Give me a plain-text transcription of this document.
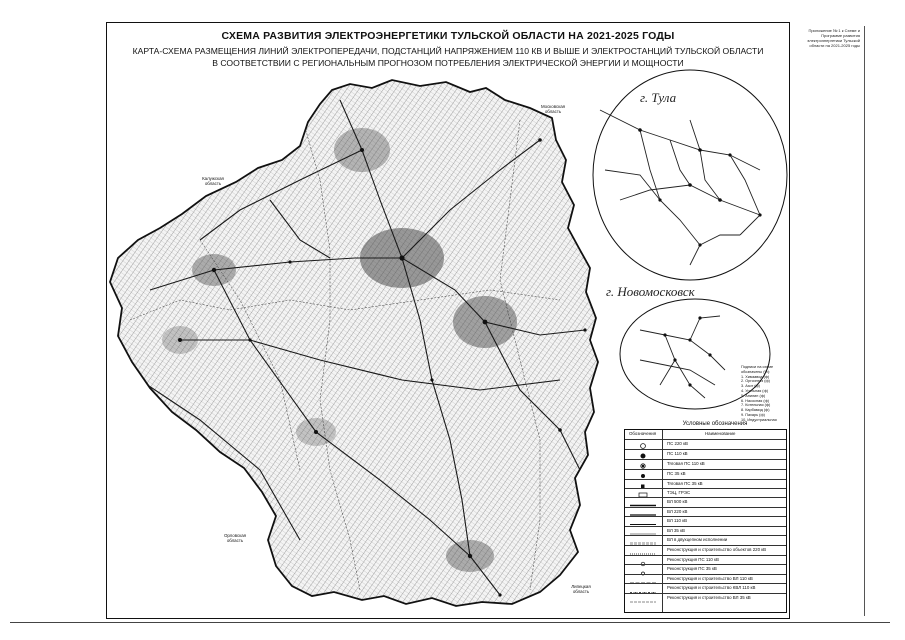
СХЕМА РАЗВИТИЯ ЭЛЕКТРОЭНЕРГЕТИКИ ТУЛЬСКОЙ ОБЛАСТИ НА 2021-2025 ГОДЫ
КАРТА-СХЕМА РАЗМЕЩЕНИЯ ЛИНИЙ ЭЛЕКТРОПЕРЕДАЧИ, ПОДСТАНЦИЙ НАПРЯЖЕНИЕМ 110 КВ И ВЫШЕ И ЭЛЕКТРОСТАНЦИЙ ТУЛЬСКОЙ ОБЛАСТИ
В СООТВЕТСТВИИ С РЕГИОНАЛЬНЫМ ПРОГНОЗОМ ПОТРЕБЛЕНИЯ ЭЛЕКТРИЧЕСКОЙ ЭНЕРГИИ И МОЩНОСТИ
Приложение № 1 к Схеме и Программе развития электроэнергетики Тульской области на 2021-2025 годы
Московская область
Калужская область
Орловская область
Липецкая область
г. Тула
г. Новомосковск
Подписи на схеме
обозначены (%):
1. Химзавод (ф)
2. Оргсинтез (ф)
3. Азот (ф)
4. Угольная (ф)
5. Анилин (ф)
6. Насосная (ф)
7. Котельная (ф)
8. Карбамид (ф)
9. Пахарь (ф)
10. Индустриальная
Условные обозначения
Обозначения	Наименование
ПС 220 кВ
ПС 110 кВ
Тяговая ПС 110 кВ
ПС 35 кВ
Тяговая ПС 35 кВ
ТЭЦ, ГРЭС
ВЛ 500 кВ
ВЛ 220 кВ
ВЛ 110 кВ
ВЛ 35 кВ
ВЛ в двухцепном исполнении
Реконструкция и строительство объектов 220 кВ
Реконструкция ПС 110 кВ
Реконструкция ПС 35 кВ
Реконструкция и строительство ВЛ 110 кВ
Реконструкция и строительство КВЛ 110 кВ
Реконструкция и строительство ВЛ 35 кВ
